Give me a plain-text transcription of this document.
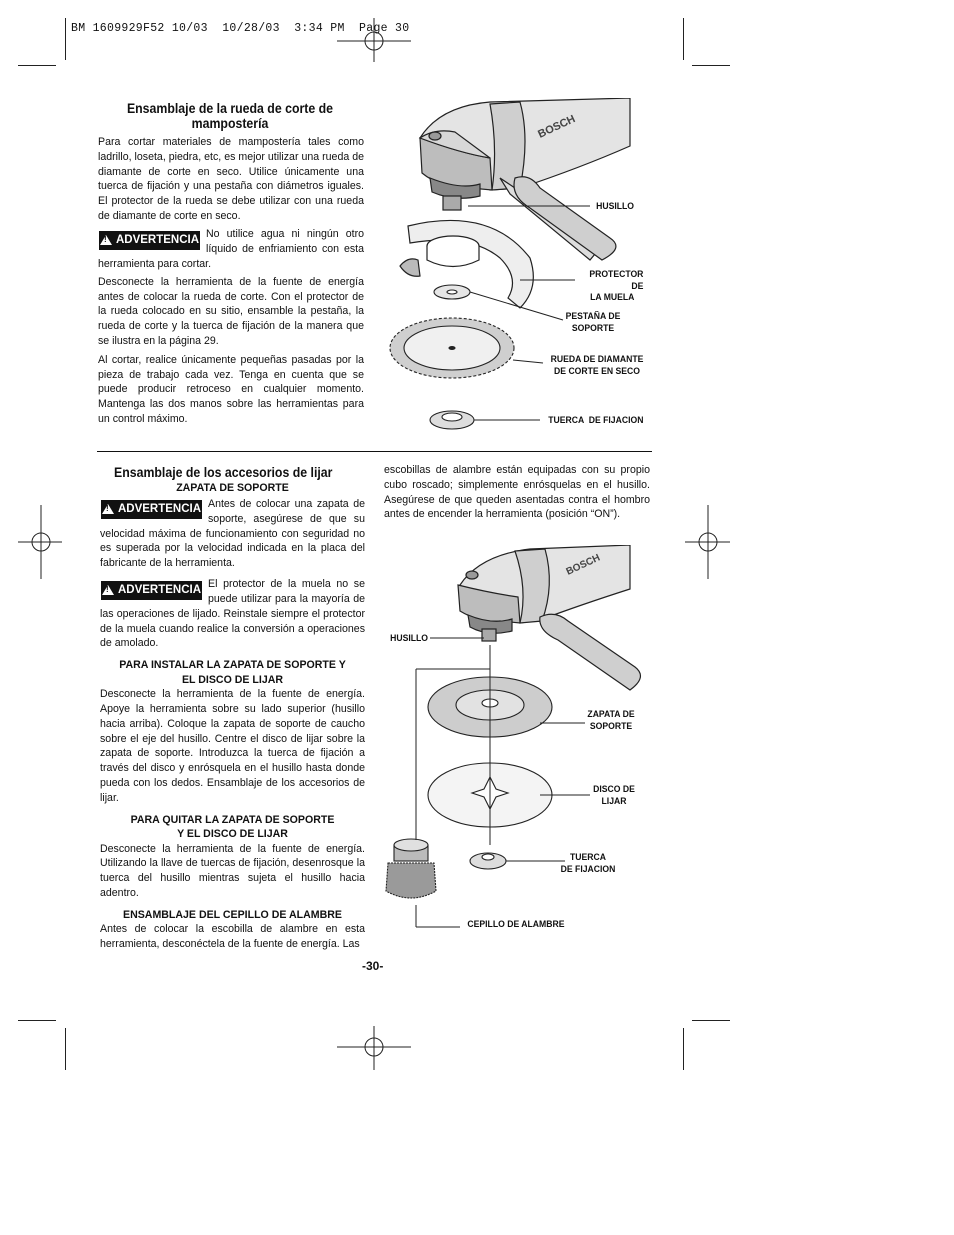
BM 1609929F52 10/03  10/28/03  3:34 PM  Page 30
Ensamblaje de la rueda de corte de
mampostería

Para cortar materiales de mampostería tales como ladrillo, loseta, piedra, etc, es mejor utilizar una rueda de diamante de corte en seco. Utilice únicamente una tuerca de fijación y una pestaña con diámetros iguales. El protector de la rueda se debe utilizar con una rueda de diamante de corte en seco.

!
ADVERTENCIA
No utilice agua ni ningún otro
líquido de enfriamiento con esta
herramienta para cortar.

Desconecte la herramienta de la fuente de energía antes de colocar la rueda de corte. Con el protector de la rueda colocado en su sitio, ensamble la pestaña, la rueda de corte y la tuerca de fijación de la manera que se ilustra en la página 29.

Al cortar, realice únicamente pequeñas pasadas por la pieza de trabajo cada vez. Tenga en cuenta que se puede producir retroceso en cualquier momento. Mantenga las dos manos sobre las herramientas para un control máximo.

BOSCH
HUSILLO
PROTECTOR DE
LA MUELA
PESTAÑA DE
SOPORTE
RUEDA DE DIAMANTE
DE CORTE EN SECO
TUERCA  DE FIJACION
Ensamblaje de los accesorios de lijar
ZAPATA DE SOPORTE
!
ADVERTENCIA Antes de colocar una zapata de
soporte, asegúrese de que su

velocidad máxima de funcionamiento con seguridad no es superada por la velocidad indicada en la placa del fabricante de la herramienta.

!
ADVERTENCIA
El protector de la muela no se
puede utilizar para la mayoría de

las operaciones de lijado. Reinstale siempre el protector de la muela cuando realice la conversión a operaciones de amolado.

PARA INSTALAR LA ZAPATA DE SOPORTE Y
EL DISCO DE LIJAR

Desconecte la herramienta de la fuente de energía. Apoye la herramienta sobre su lado superior (husillo hacia arriba). Coloque la zapata de soporte de caucho sobre el eje del husillo. Centre el disco de lijar sobre la zapata de soporte. Introduzca la tuerca de fijación a través del disco y enrósquela en el husillo hasta donde pueda con los dedos. Ensamblaje de los accesorios de lijar.

PARA QUITAR LA ZAPATA DE SOPORTE
Y EL DISCO DE LIJAR

Desconecte la herramienta de la fuente de energía. Utilizando la llave de tuercas de fijación, desenrosque la tuerca del husillo mientras sujeta el husillo hacia adentro.

ENSAMBLAJE DEL CEPILLO DE ALAMBRE

Antes de colocar la escobilla de alambre en esta herramienta, desconéctela de la fuente de energía. Las

escobillas de alambre están equipadas con su propio cubo roscado; simplemente enrósquelas en el husillo. Asegúrese de que queden asentadas contra el hombro antes de encender la herramienta (posición “ON”).

BOSCH
HUSILLO
ZAPATA DE
SOPORTE
DISCO DE
LIJAR
TUERCA
DE FIJACION
CEPILLO DE ALAMBRE
-30-
